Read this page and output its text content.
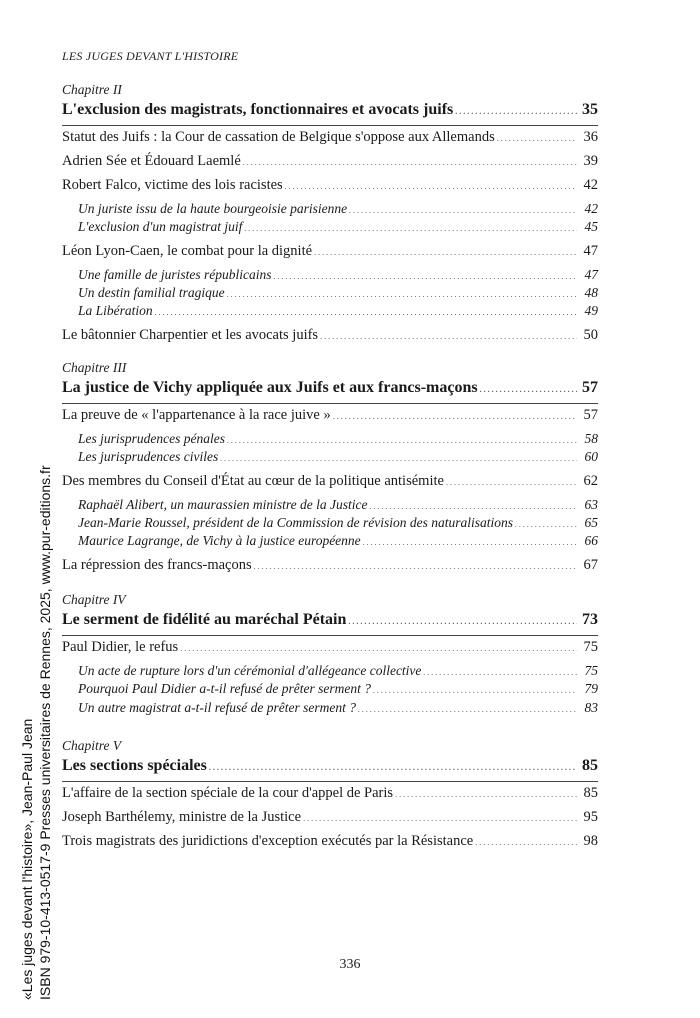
LES JUGES DEVANT L'HISTOIRE
Chapitre II
L'exclusion des magistrats, fonctionnaires et avocats juifs . . .	35
Statut des Juifs : la Cour de cassation de Belgique s'oppose aux Allemands . . .	36
Adrien Sée et Édouard Laemlé . . .	39
Robert Falco, victime des lois racistes . . .	42
Un juriste issu de la haute bourgeoisie parisienne . . .	42
L'exclusion d'un magistrat juif . . .	45
Léon Lyon-Caen, le combat pour la dignité . . .	47
Une famille de juristes républicains . . .	47
Un destin familial tragique . . .	48
La Libération . . .	49
Le bâtonnier Charpentier et les avocats juifs . . .	50
Chapitre III
La justice de Vichy appliquée aux Juifs et aux francs-maçons . . .	57
La preuve de « l'appartenance à la race juive » . . .	57
Les jurisprudences pénales . . .	58
Les jurisprudences civiles . . .	60
Des membres du Conseil d'État au cœur de la politique antisémite . . .	62
Raphaël Alibert, un maurassien ministre de la Justice . . .	63
Jean-Marie Roussel, président de la Commission de révision des naturalisations . . .	65
Maurice Lagrange, de Vichy à la justice européenne . . .	66
La répression des francs-maçons . . .	67
Chapitre IV
Le serment de fidélité au maréchal Pétain . . .	73
Paul Didier, le refus . . .	75
Un acte de rupture lors d'un cérémonial d'allégeance collective . . .	75
Pourquoi Paul Didier a-t-il refusé de prêter serment ? . . .	79
Un autre magistrat a-t-il refusé de prêter serment ? . . .	83
Chapitre V
Les sections spéciales . . .	85
L'affaire de la section spéciale de la cour d'appel de Paris . . .	85
Joseph Barthélemy, ministre de la Justice . . .	95
Trois magistrats des juridictions d'exception exécutés par la Résistance . . .	98
«Les juges devant l'histoire», Jean-Paul Jean ISBN 979-10-413-0517-9 Presses universitaires de Rennes, 2025, www.pur-editions.fr	336
